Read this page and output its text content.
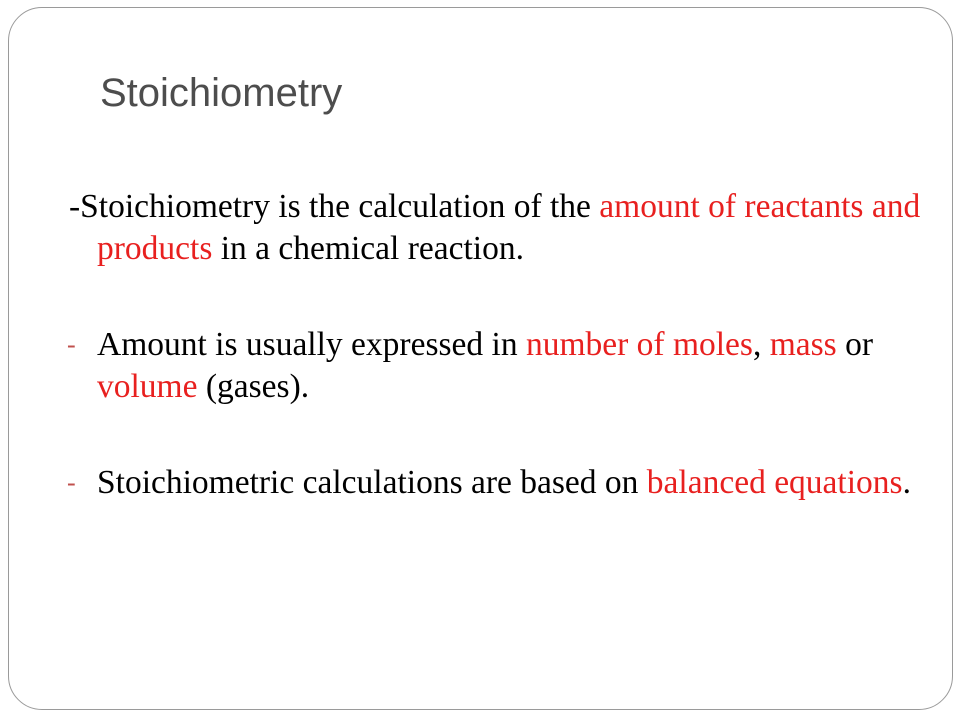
Stoichiometry

-Stoichiometry is the calculation of the amount of reactants and products in a chemical reaction.

- Amount is usually expressed in number of moles, mass or volume (gases).

- Stoichiometric calculations are based on balanced equations.
